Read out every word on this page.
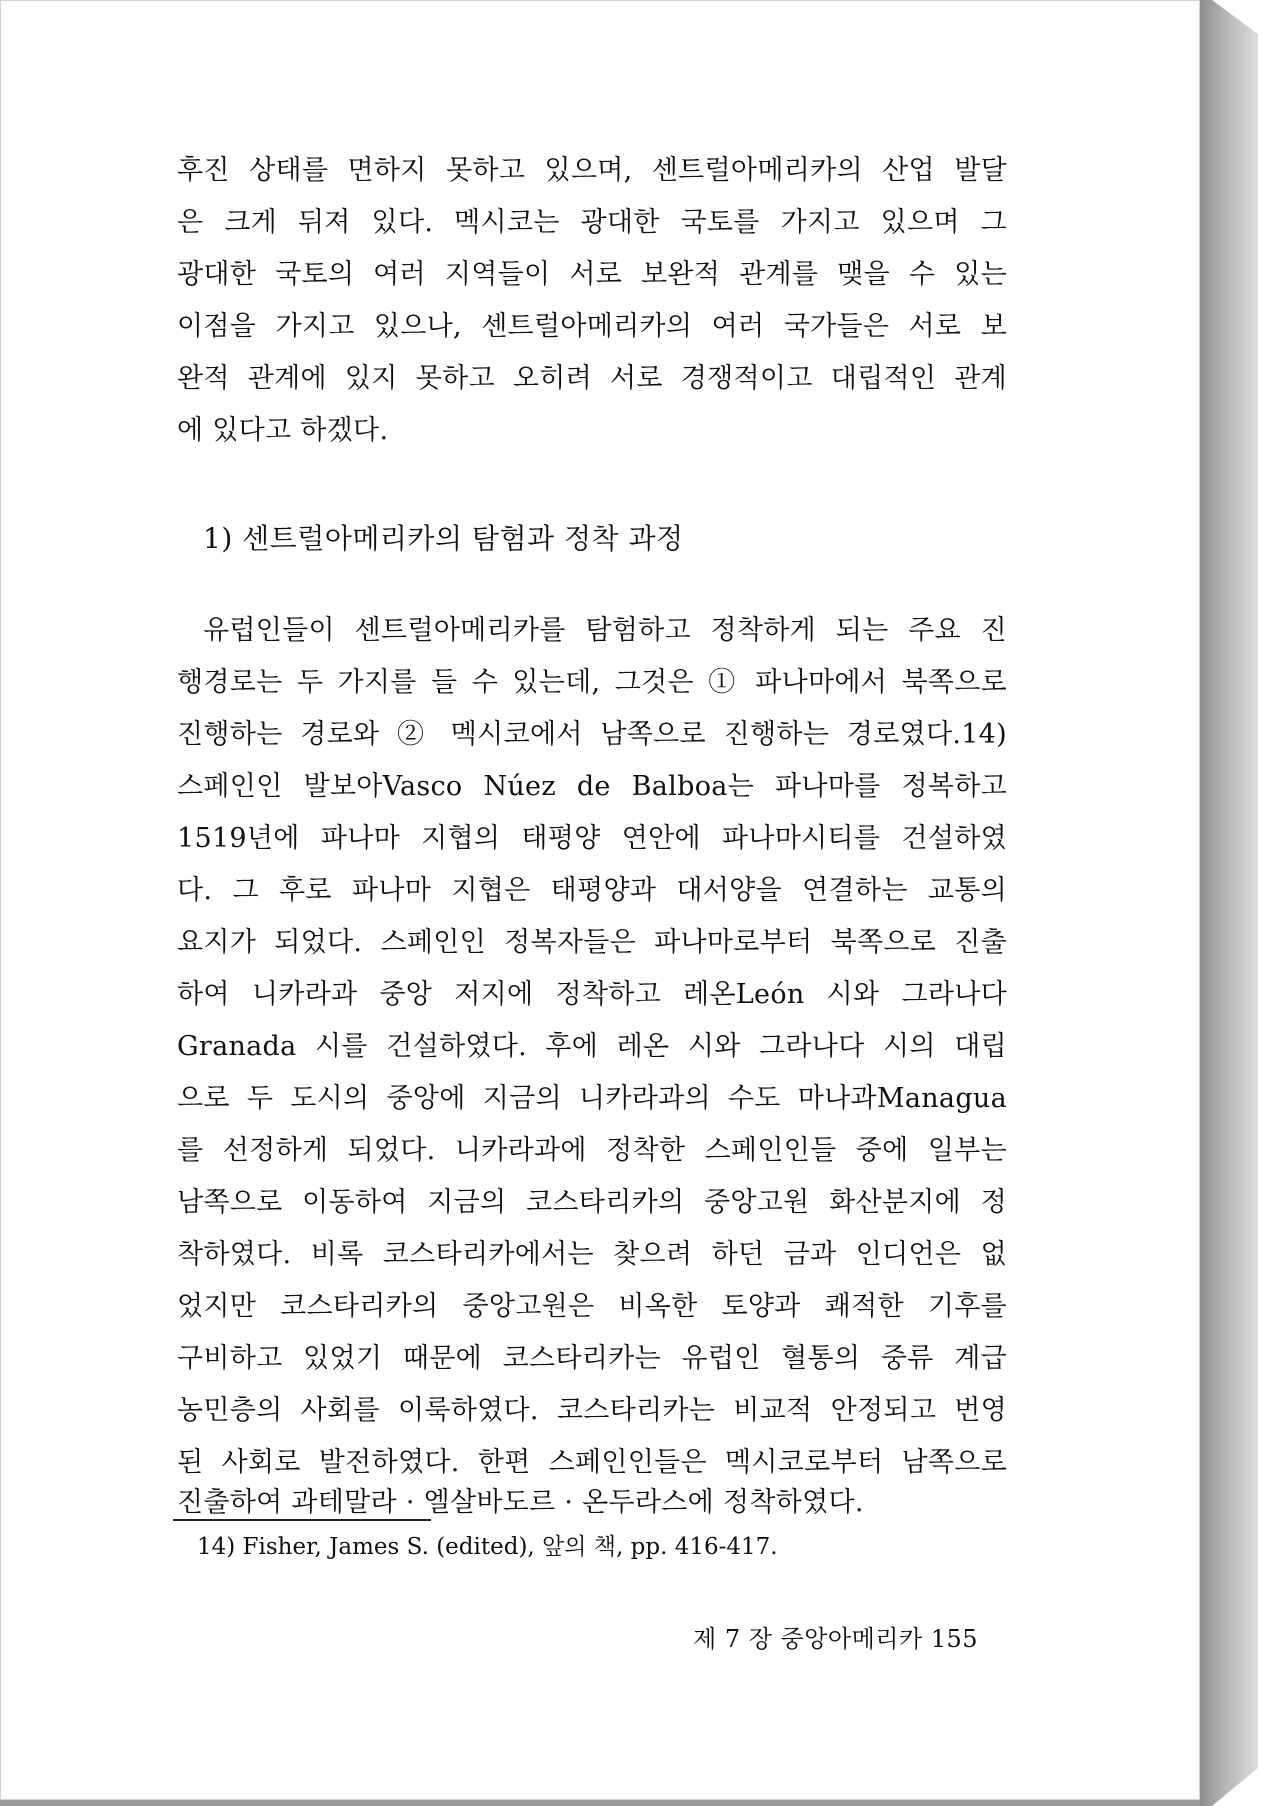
후진 상태를 면하지 못하고 있으며, 센트럴아메리카의 산업 발달
은 크게 뒤져 있다. 멕시코는 광대한 국토를 가지고 있으며 그
광대한 국토의 여러 지역들이 서로 보완적 관계를 맺을 수 있는
이점을 가지고 있으나, 센트럴아메리카의 여러 국가들은 서로 보
완적 관계에 있지 못하고 오히려 서로 경쟁적이고 대립적인 관계
에 있다고 하겠다.
1) 센트럴아메리카의 탐험과 정착 과정
유럽인들이 센트럴아메리카를 탐험하고 정착하게 되는 주요 진
행경로는 두 가지를 들 수 있는데, 그것은 ① 파나마에서 북쪽으로
진행하는 경로와 ② 멕시코에서 남쪽으로 진행하는 경로였다.14)
스페인인 발보아Vasco Núez de Balboa는 파나마를 정복하고
1519년에 파나마 지협의 태평양 연안에 파나마시티를 건설하였
다. 그 후로 파나마 지협은 태평양과 대서양을 연결하는 교통의
요지가 되었다. 스페인인 정복자들은 파나마로부터 북쪽으로 진출
하여 니카라과 중앙 저지에 정착하고 레온León 시와 그라나다
Granada 시를 건설하였다. 후에 레온 시와 그라나다 시의 대립
으로 두 도시의 중앙에 지금의 니카라과의 수도 마나과Managua
를 선정하게 되었다. 니카라과에 정착한 스페인인들 중에 일부는
남쪽으로 이동하여 지금의 코스타리카의 중앙고원 화산분지에 정
착하였다. 비록 코스타리카에서는 찾으려 하던 금과 인디언은 없
었지만 코스타리카의 중앙고원은 비옥한 토양과 쾌적한 기후를
구비하고 있었기 때문에 코스타리카는 유럽인 혈통의 중류 계급
농민층의 사회를 이룩하였다. 코스타리카는 비교적 안정되고 번영
된 사회로 발전하였다. 한편 스페인인들은 멕시코로부터 남쪽으로
진출하여 과테말라 · 엘살바도르 · 온두라스에 정착하였다.
14) Fisher, James S. (edited), 앞의 책, pp. 416-417.
제 7 장 중앙아메리카 155
